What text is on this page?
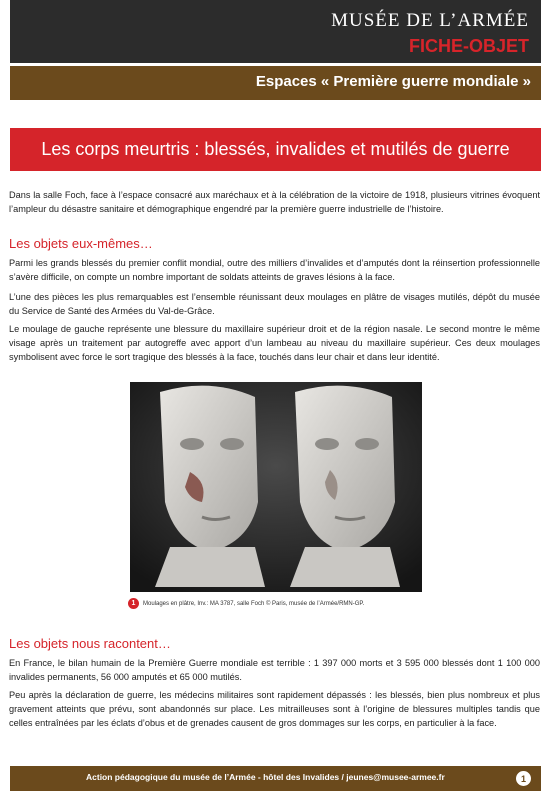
MUSÉE DE L’ARMÉE
FICHE-OBJET
Espaces « Première guerre mondiale »
Les corps meurtris : blessés, invalides et mutilés de guerre
Dans la salle Foch, face à l’espace consacré aux maréchaux et à la célébration de la victoire de 1918, plusieurs vitrines évoquent l’ampleur du désastre sanitaire et démographique engendré par la première guerre industrielle de l’histoire.
Les objets eux-mêmes…
Parmi les grands blessés du premier conflit mondial, outre des milliers d’invalides et d’amputés dont la réinsertion professionnelle s’avère difficile, on compte un nombre important de soldats atteints de graves lésions à la face.
L’une des pièces les plus remarquables est l’ensemble réunissant deux moulages en plâtre de visages mutilés, dépôt du musée du Service de Santé des Armées du Val-de-Grâce.
Le moulage de gauche représente une blessure du maxillaire supérieur droit et de la région nasale. Le second montre le même visage après un traitement par autogreffe avec apport d’un lambeau au niveau du maxillaire supérieur. Ces deux moulages symbolisent avec force le sort tragique des blessés à la face, touchés dans leur chair et dans leur identité.
1	Moulages en plâtre, Inv.: MA 3787, salle Foch © Paris, musée de l’Armée/RMN-GP.
Les objets nous racontent…
En France, le bilan humain de la Première Guerre mondiale est terrible : 1 397 000 morts et 3 595 000 blessés dont 1 100 000 invalides permanents, 56 000 amputés et 65 000 mutilés.
Peu après la déclaration de guerre, les médecins militaires sont rapidement dépassés : les blessés, bien plus nombreux et plus gravement atteints que prévu, sont abandonnés sur place. Les mitrailleuses sont à l’origine de blessures multiples tandis que celles entraînées par les éclats d’obus et de grenades causent de gros dommages sur les corps, en particulier à la face.
Action pédagogique du musée de l’Armée - hôtel des Invalides / jeunes@musee-armee.fr	1
